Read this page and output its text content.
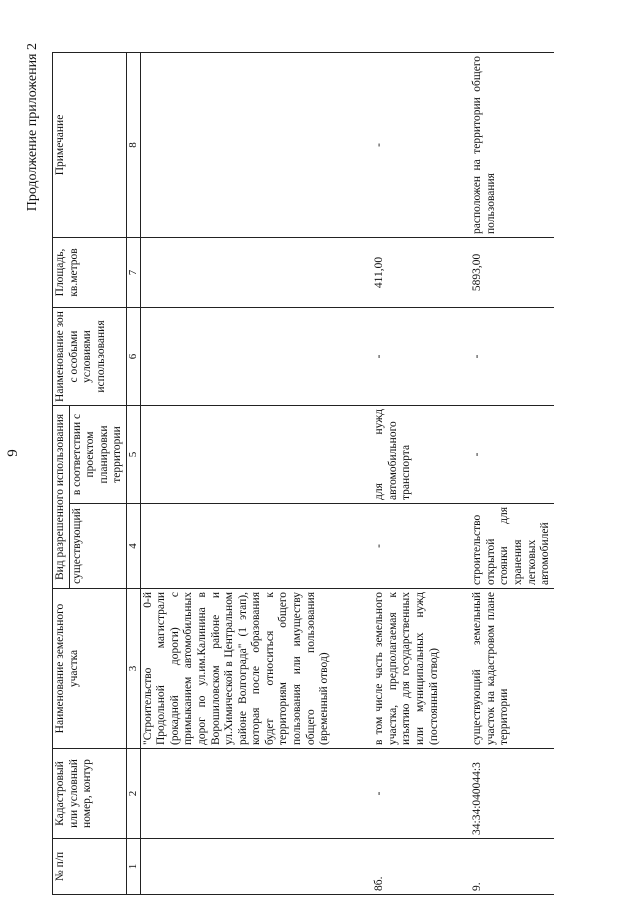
9
Продолжение приложения 2
№ п/п	Кадастровый или условный номер, контур	Наименование земельного участка	Вид разрешенного использования		Наименование зон с особыми условиями использования	Площадь, кв.метров	Примечание
			существующий	в соответствии с проектом планировки территории			
1	2	3	4	5	6	7	8
		"Строительство 0-й Продольной магистрали (рокадной дороги) с примыканием автомобильных дорог по ул.им.Калинина в Ворошиловском районе и ул.Химической в Центральном районе Волгограда" (1 этап), которая после образования будет относиться к территориям общего пользования или имуществу общего пользования (временный отвод)					
8б.	-	в том числе часть земельного участка, предполагаемая к изъятию для государственных или муниципальных нужд (постоянный отвод)	-	для нужд автомобильного транспорта	-	411,00	-
9.	34:34:040044:3	существующий земельный участок на кадастровом плане территории	строительство открытой стоянки для хранения легковых автомобилей	-	-	5893,00	расположен на территории общего пользования
